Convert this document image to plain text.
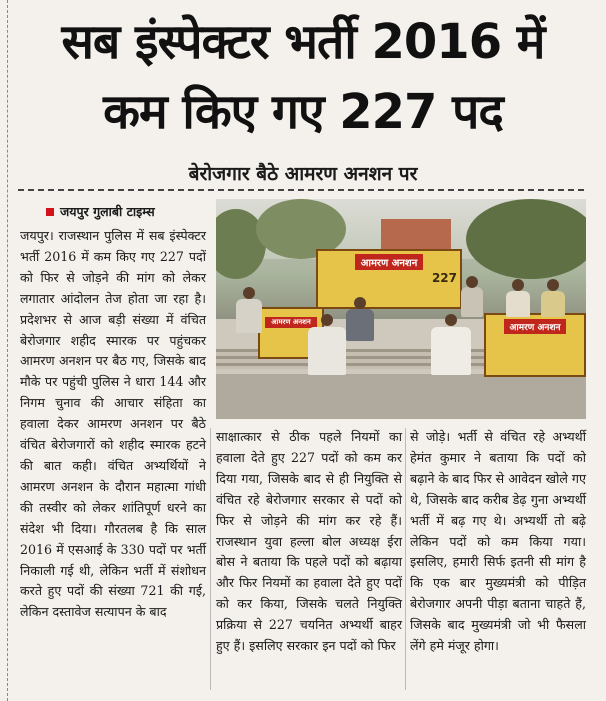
सब इंस्पेक्टर भर्ती 2016 में
कम किए गए 227 पद
बेरोजगार बैठे आमरण अनशन पर
जयपुर गुलाबी टाइम्स
जयपुर। राजस्थान पुलिस में सब इंस्पेक्टर भर्ती 2016 में कम किए गए 227 पदों को फिर से जोड़ने की मांग को लेकर लगातार आंदोलन तेज होता जा रहा है। प्रदेशभर से आज बड़ी संख्या में वंचित बेरोजगार शहीद स्मारक पर पहुंचकर आमरण अनशन पर बैठ गए, जिसके बाद मौके पर पहुंची पुलिस ने धारा 144 और निगम चुनाव की आचार संहिता का हवाला देकर आमरण अनशन पर बैठे वंचित बेरोजगारों को शहीद स्मारक हटने की बात कही। वंचित अभ्यर्थियों ने आमरण अनशन के दौरान महात्मा गांधी की तस्वीर को लेकर शांतिपूर्ण धरने का संदेश भी दिया। गौरतलब है कि साल 2016 में एसआई के 330 पदों पर भर्ती निकाली गई थी, लेकिन भर्ती में संशोधन करते हुए पदों की संख्या 721 की गई, लेकिन दस्तावेज सत्यापन के बाद
आमरण अनशन
227
आमरण अनशन
आमरण अनशन
साक्षात्कार से ठीक पहले नियमों का हवाला देते हुए 227 पदों को कम कर दिया गया, जिसके बाद से ही नियुक्ति से वंचित रहे बेरोजगार सरकार से पदों को फिर से जोड़ने की मांग कर रहे हैं। राजस्थान युवा हल्ला बोल अध्यक्ष ईरा बोस ने बताया कि पहले पदों को बढ़ाया और फिर नियमों का हवाला देते हुए पदों को कर किया, जिसके चलते नियुक्ति प्रक्रिया से 227 चयनित अभ्यर्थी बाहर हुए हैं। इसलिए सरकार इन पदों को फिर
से जोड़े। भर्ती से वंचित रहे अभ्यर्थी हेमंत कुमार ने बताया कि पदों को बढ़ाने के बाद फिर से आवेदन खोले गए थे, जिसके बाद करीब डेढ़ गुना अभ्यर्थी भर्ती में बढ़ गए थे। अभ्यर्थी तो बढ़े लेकिन पदों को कम किया गया। इसलिए, हमारी सिर्फ इतनी सी मांग है कि एक बार मुख्यमंत्री को पीड़ित बेरोजगार अपनी पीड़ा बताना चाहते हैं, जिसके बाद मुख्यमंत्री जो भी फैसला लेंगे हमे मंजूर होगा।
